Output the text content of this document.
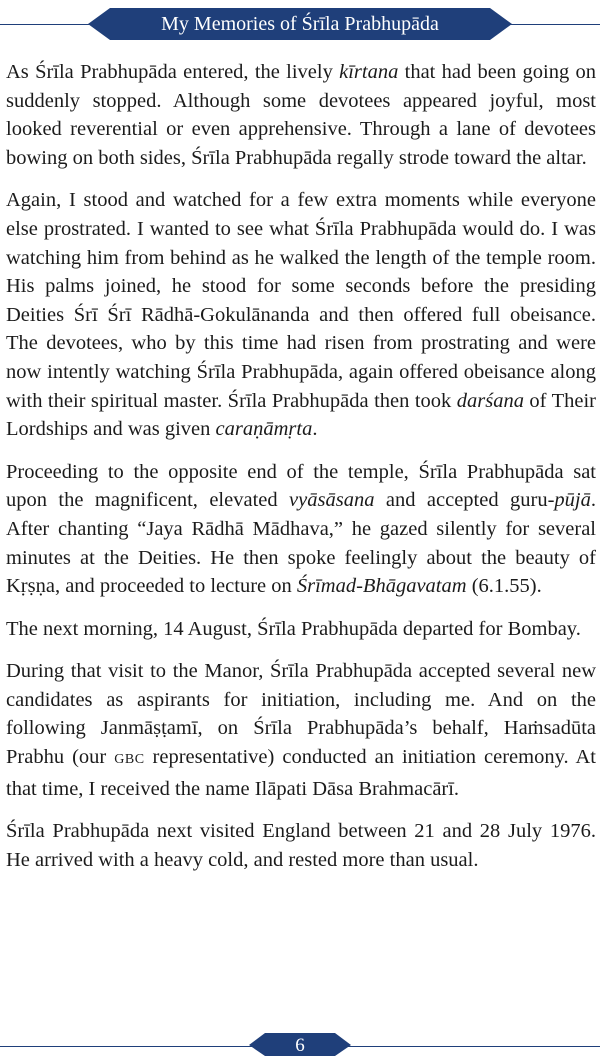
My Memories of Śrīla Prabhupāda

As Śrīla Prabhupāda entered, the lively kīrtana that had been going on suddenly stopped. Although some devotees appeared joyful, most looked reverential or even apprehensive. Through a lane of devotees bowing on both sides, Śrīla Prabhupāda regally strode toward the altar.

Again, I stood and watched for a few extra moments while everyone else prostrated. I wanted to see what Śrīla Prabhupāda would do. I was watching him from behind as he walked the length of the temple room. His palms joined, he stood for some seconds before the presiding Deities Śrī Śrī Rādhā-Gokulānanda and then offered full obeisance. The devotees, who by this time had risen from prostrating and were now intently watching Śrīla Prabhupāda, again offered obeisance along with their spiritual master. Śrīla Prabhupāda then took darśana of Their Lordships and was given caraṇāmṛta.

Proceeding to the opposite end of the temple, Śrīla Prabhupāda sat upon the magnificent, elevated vyāsāsana and accepted guru-pūjā. After chanting “Jaya Rādhā Mādhava,” he gazed silently for several minutes at the Deities. He then spoke feelingly about the beauty of Kṛṣṇa, and proceeded to lecture on Śrīmad-Bhāgavatam (6.1.55).

The next morning, 14 August, Śrīla Prabhupāda departed for Bombay.

During that visit to the Manor, Śrīla Prabhupāda accepted several new candidates as aspirants for initiation, including me. And on the following Janmāṣṭamī, on Śrīla Prabhupāda’s behalf, Haṁsadūta Prabhu (our GBC representative) conducted an initiation ceremony. At that time, I received the name Ilāpati Dāsa Brahmacārī.

Śrīla Prabhupāda next visited England between 21 and 28 July 1976. He arrived with a heavy cold, and rested more than usual.

6
